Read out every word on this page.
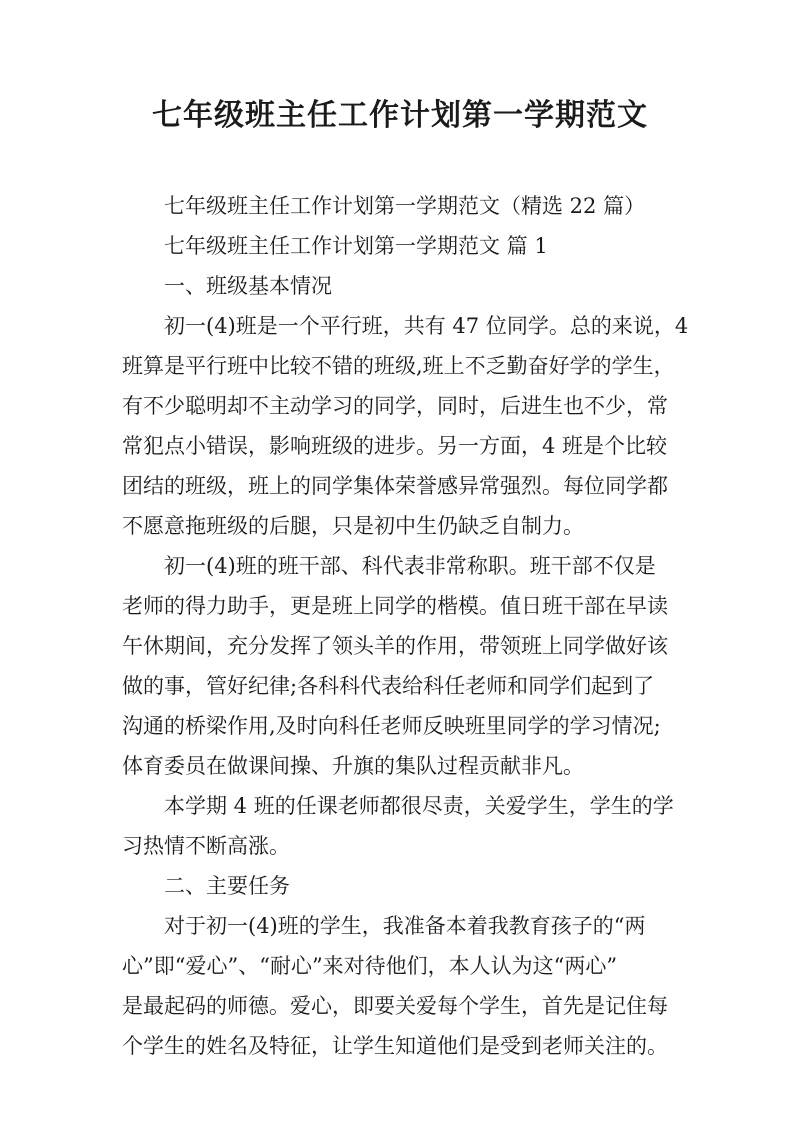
七年级班主任工作计划第一学期范文
七年级班主任工作计划第一学期范文（精选 22 篇）
七年级班主任工作计划第一学期范文 篇 1
一、班级基本情况
初一(4)班是一个平行班，共有 47 位同学。总的来说，4
班算是平行班中比较不错的班级,班上不乏勤奋好学的学生，
有不少聪明却不主动学习的同学，同时，后进生也不少，常
常犯点小错误，影响班级的进步。另一方面，4 班是个比较
团结的班级，班上的同学集体荣誉感异常强烈。每位同学都
不愿意拖班级的后腿，只是初中生仍缺乏自制力。
初一(4)班的班干部、科代表非常称职。班干部不仅是
老师的得力助手，更是班上同学的楷模。值日班干部在早读
午休期间，充分发挥了领头羊的作用，带领班上同学做好该
做的事，管好纪律;各科科代表给科任老师和同学们起到了
沟通的桥梁作用,及时向科任老师反映班里同学的学习情况;
体育委员在做课间操、升旗的集队过程贡献非凡。
本学期 4 班的任课老师都很尽责，关爱学生，学生的学
习热情不断高涨。
二、主要任务
对于初一(4)班的学生，我准备本着我教育孩子的“两
心”即“爱心”、“耐心”来对待他们，本人认为这“两心”
是最起码的师德。爱心，即要关爱每个学生，首先是记住每
个学生的姓名及特征，让学生知道他们是受到老师关注的。
